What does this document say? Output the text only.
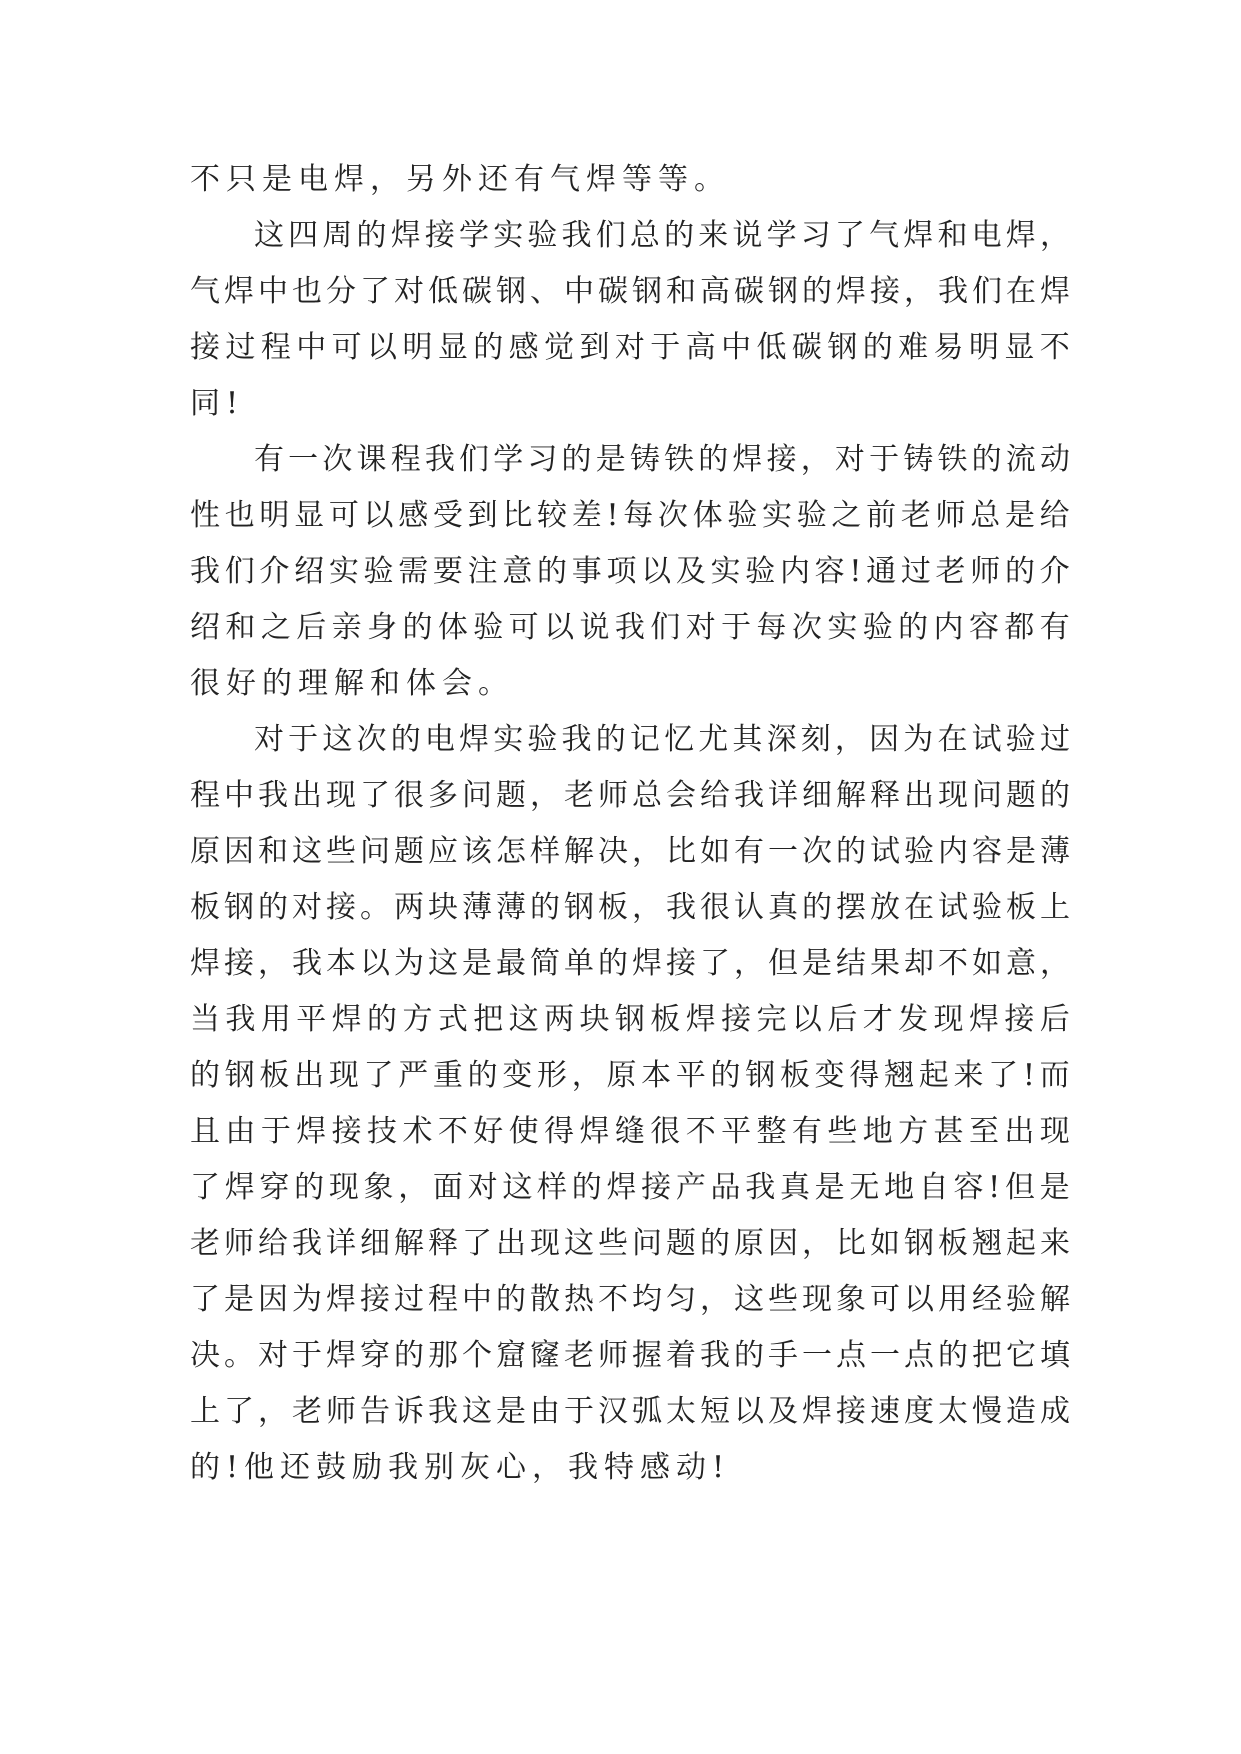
不只是电焊，另外还有气焊等等。
这 四 周 的 焊 接 学 实 验 我 们 总 的 来 说 学 习 了 气 焊 和 电 焊 ，
气 焊 中 也 分 了 对 低 碳 钢 、 中 碳 钢 和 高 碳 钢 的 焊 接 ， 我 们 在 焊
接 过 程 中 可 以 明 显 的 感 觉 到 对 于 高 中 低 碳 钢 的 难 易 明 显 不
同!
有 一 次 课 程 我 们 学 习 的 是 铸 铁 的 焊 接 ， 对 于 铸 铁 的 流 动
性 也 明 显 可 以 感 受 到 比 较 差 ! 每 次 体 验 实 验 之 前 老 师 总 是 给
我 们 介 绍 实 验 需 要 注 意 的 事 项 以 及 实 验 内 容 ! 通 过 老 师 的 介
绍 和 之 后 亲 身 的 体 验 可 以 说 我 们 对 于 每 次 实 验 的 内 容 都 有
很好的理解和体会。
对 于 这 次 的 电 焊 实 验 我 的 记 忆 尤 其 深 刻 ， 因 为 在 试 验 过
程 中 我 出 现 了 很 多 问 题 ， 老 师 总 会 给 我 详 细 解 释 出 现 问 题 的
原 因 和 这 些 问 题 应 该 怎 样 解 决 ， 比 如 有 一 次 的 试 验 内 容 是 薄
板 钢 的 对 接 。 两 块 薄 薄 的 钢 板 ， 我 很 认 真 的 摆 放 在 试 验 板 上
焊 接 ， 我 本 以 为 这 是 最 简 单 的 焊 接 了 ， 但 是 结 果 却 不 如 意 ，
当 我 用 平 焊 的 方 式 把 这 两 块 钢 板 焊 接 完 以 后 才 发 现 焊 接 后
的 钢 板 出 现 了 严 重 的 变 形 ， 原 本 平 的 钢 板 变 得 翘 起 来 了 ! 而
且 由 于 焊 接 技 术 不 好 使 得 焊 缝 很 不 平 整 有 些 地 方 甚 至 出 现
了 焊 穿 的 现 象 ， 面 对 这 样 的 焊 接 产 品 我 真 是 无 地 自 容 ! 但 是
老 师 给 我 详 细 解 释 了 出 现 这 些 问 题 的 原 因 ， 比 如 钢 板 翘 起 来
了 是 因 为 焊 接 过 程 中 的 散 热 不 均 匀 ， 这 些 现 象 可 以 用 经 验 解
决 。 对 于 焊 穿 的 那 个 窟 窿 老 师 握 着 我 的 手 一 点 一 点 的 把 它 填
上 了 ， 老 师 告 诉 我 这 是 由 于 汉 弧 太 短 以 及 焊 接 速 度 太 慢 造 成
的!他还鼓励我别灰心，我特感动!
